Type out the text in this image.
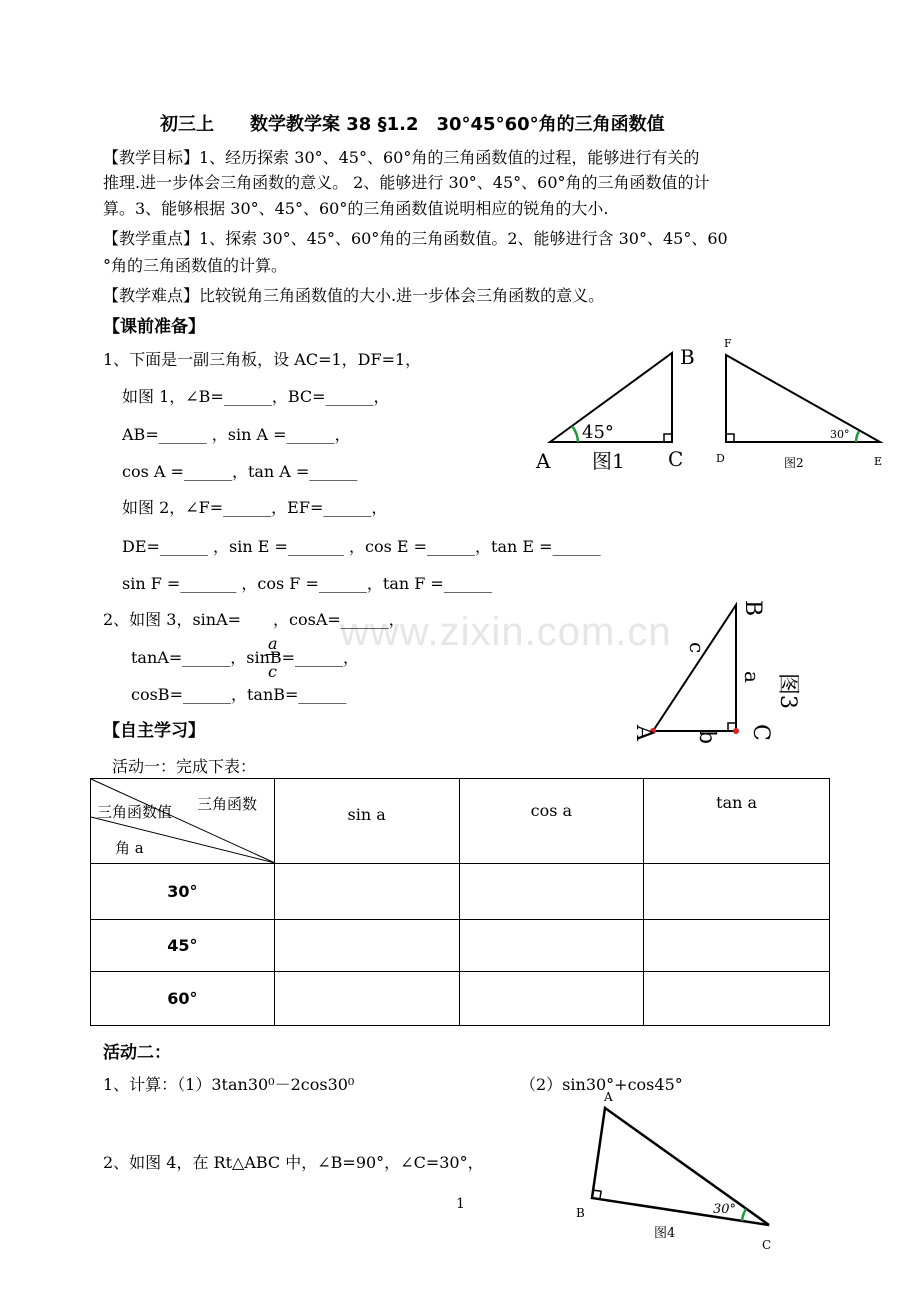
www.zixin.com.cn
初三上　　数学教学案 38 §1.2　30°45°60°角的三角函数值
【教学目标】1、经历探索 30°、45°、60°角的三角函数值的过程，能够进行有关的
推理.进一步体会三角函数的意义。 2、能够进行 30°、45°、60°角的三角函数值的计
算。3、能够根据 30°、45°、60°的三角函数值说明相应的锐角的大小.
【教学重点】1、探索 30°、45°、60°角的三角函数值。2、能够进行含 30°、45°、60
°角的三角函数值的计算。
【教学难点】比较锐角三角函数值的大小.进一步体会三角函数的意义。
【课前准备】
1、下面是一副三角板，设 AC=1，DF=1，
如图 1，∠B=______，BC=______，
AB=______ ，sin A =______，
cos A =______，tan A =______
如图 2，∠F=______，EF=______，
DE=______ ，sin E =_______ ，cos E =______，tan E =______
sin F =_______ ，cos F =______，tan F =______
2、如图 3，sinA=　　，cosA=______，
a
c
tanA=______，sinB=______，
cosB=______，tanB=______
【自主学习】
活动一：完成下表：
45°
B
A	C
图1
30°
F
D	E
图2
c
a 图3
B
A	C
b
三角函数
三角函数值
角 a	sin a	cos a	tan a
30°			
45°			
60°			
活动二：
1、计算：（1）3tan30⁰－2cos30⁰	（2）sin30°+cos45°
2、如图 4，在 Rt△ABC 中，∠B=90°，∠C=30°，
30°
A
B
C
图4
1
